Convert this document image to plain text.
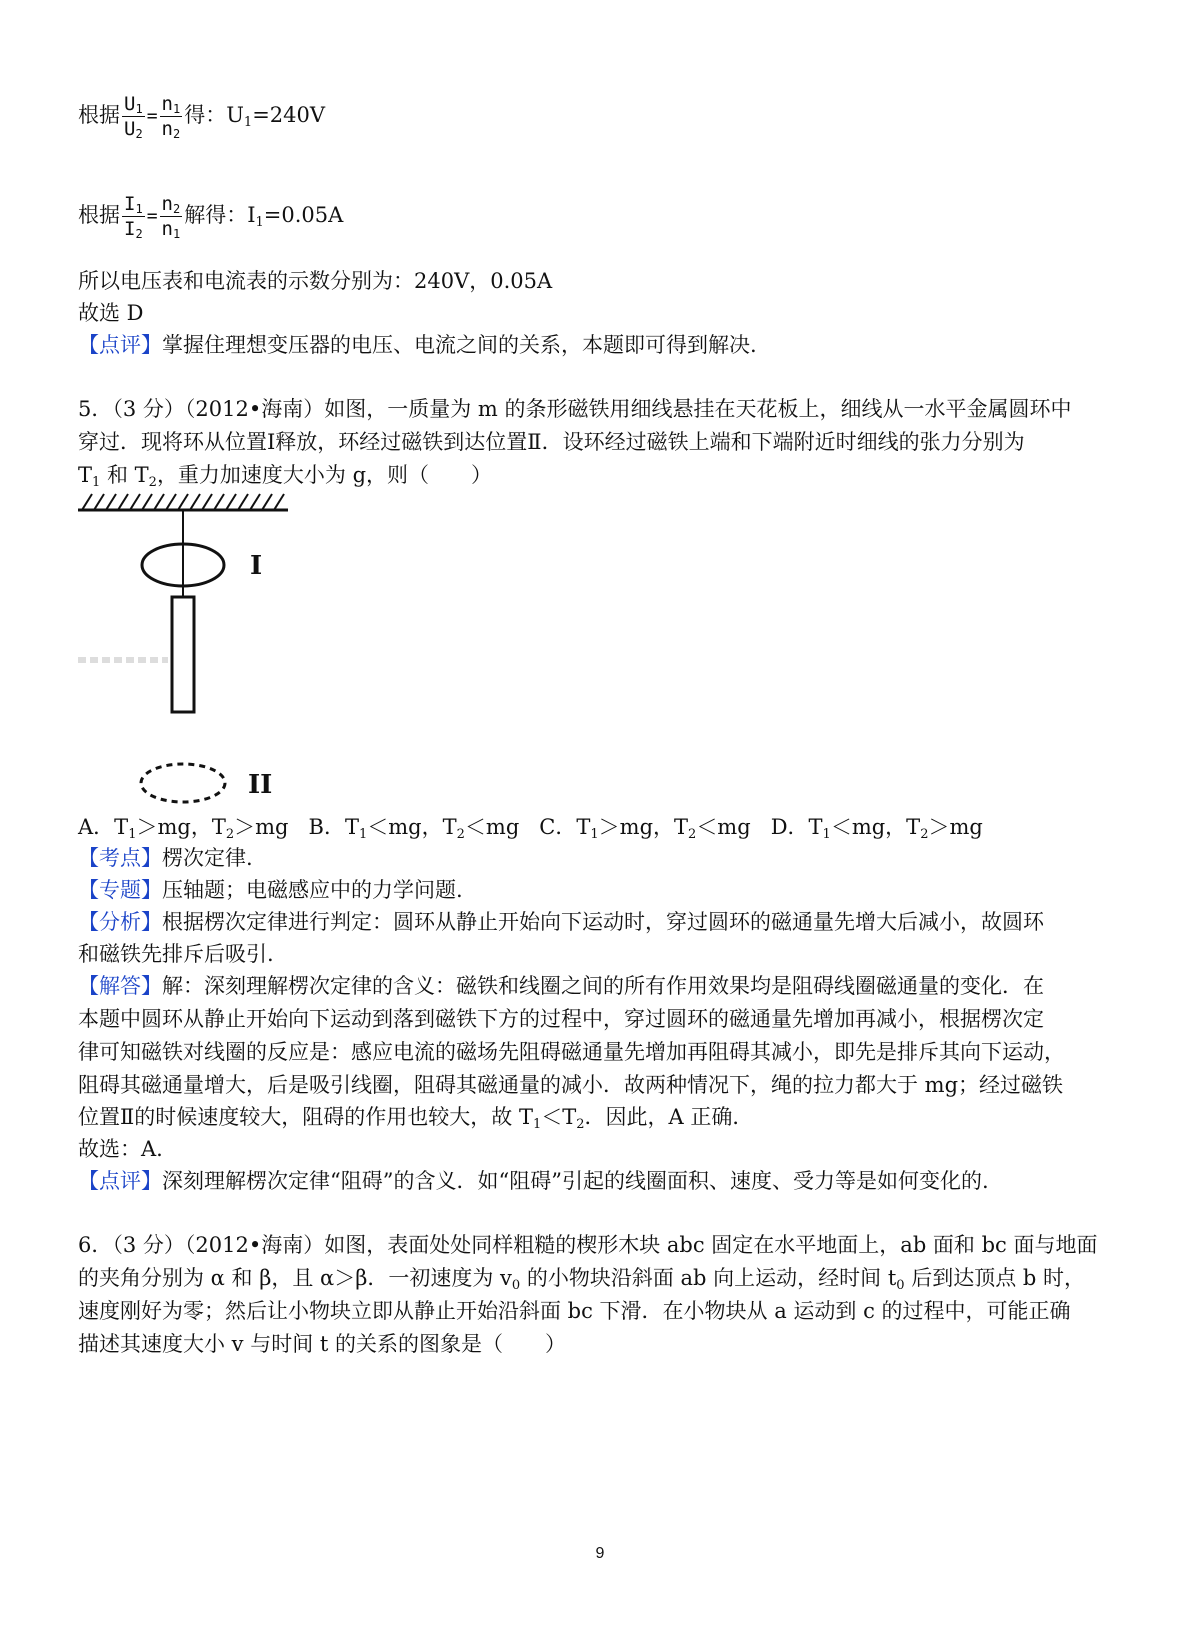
根据 $\frac{U_1}{U_2} = \frac{n_1}{n_2}$ 得：$U_1=240V$
根据 $\frac{I_1}{I_2} = \frac{n_2}{n_1}$ 解得：$I_1=0.05A$
所以电压表和电流表的示数分别为：240V，0.05A
故选 D
【点评】掌握住理想变压器的电压、电流之间的关系，本题即可得到解决.
5．（3 分）（2012•海南）如图，一质量为 m 的条形磁铁用细线悬挂在天花板上，细线从一水平金属圆环中
穿过．现将环从位置Ⅰ释放，环经过磁铁到达位置Ⅱ．设环经过磁铁上端和下端附近时细线的张力分别为
$T_1$ 和 $T_2$，重力加速度大小为 g，则（　　）
A．$T_1>mg$，$T_2>mg$ B．$T_1<mg$，$T_2<mg$ C．$T_1>mg$，$T_2<mg$ D．$T_1<mg$，$T_2>mg$
【考点】楞次定律.
【专题】压轴题；电磁感应中的力学问题.
【分析】根据楞次定律进行判定：圆环从静止开始向下运动时，穿过圆环的磁通量先增大后减小，故圆环
和磁铁先排斥后吸引.
【解答】解：深刻理解楞次定律的含义：磁铁和线圈之间的所有作用效果均是阻碍线圈磁通量的变化．在
本题中圆环从静止开始向下运动到落到磁铁下方的过程中，穿过圆环的磁通量先增加再减小，根据楞次定
律可知磁铁对线圈的反应是：感应电流的磁场先阻碍磁通量先增加再阻碍其减小，即先是排斥其向下运动，
阻碍其磁通量增大，后是吸引线圈，阻碍其磁通量的减小．故两种情况下，绳的拉力都大于 mg；经过磁铁
位置Ⅱ的时候速度较大，阻碍的作用也较大，故 $T_1<T_2$．因此，A 正确．
故选：A.
【点评】深刻理解楞次定律“阻碍”的含义．如“阻碍”引起的线圈面积、速度、受力等是如何变化的.
6．（3 分）（2012•海南）如图，表面处处同样粗糙的楔形木块 abc 固定在水平地面上，ab 面和 bc 面与地面
的夹角分别为 α 和 β，且 α＞β．一初速度为 $v_0$ 的小物块沿斜面 ab 向上运动，经时间 $t_0$ 后到达顶点 b 时，
速度刚好为零；然后让小物块立即从静止开始沿斜面 bc 下滑．在小物块从 a 运动到 c 的过程中，可能正确
描述其速度大小 v 与时间 t 的关系的图象是（　　）
I
II
9
